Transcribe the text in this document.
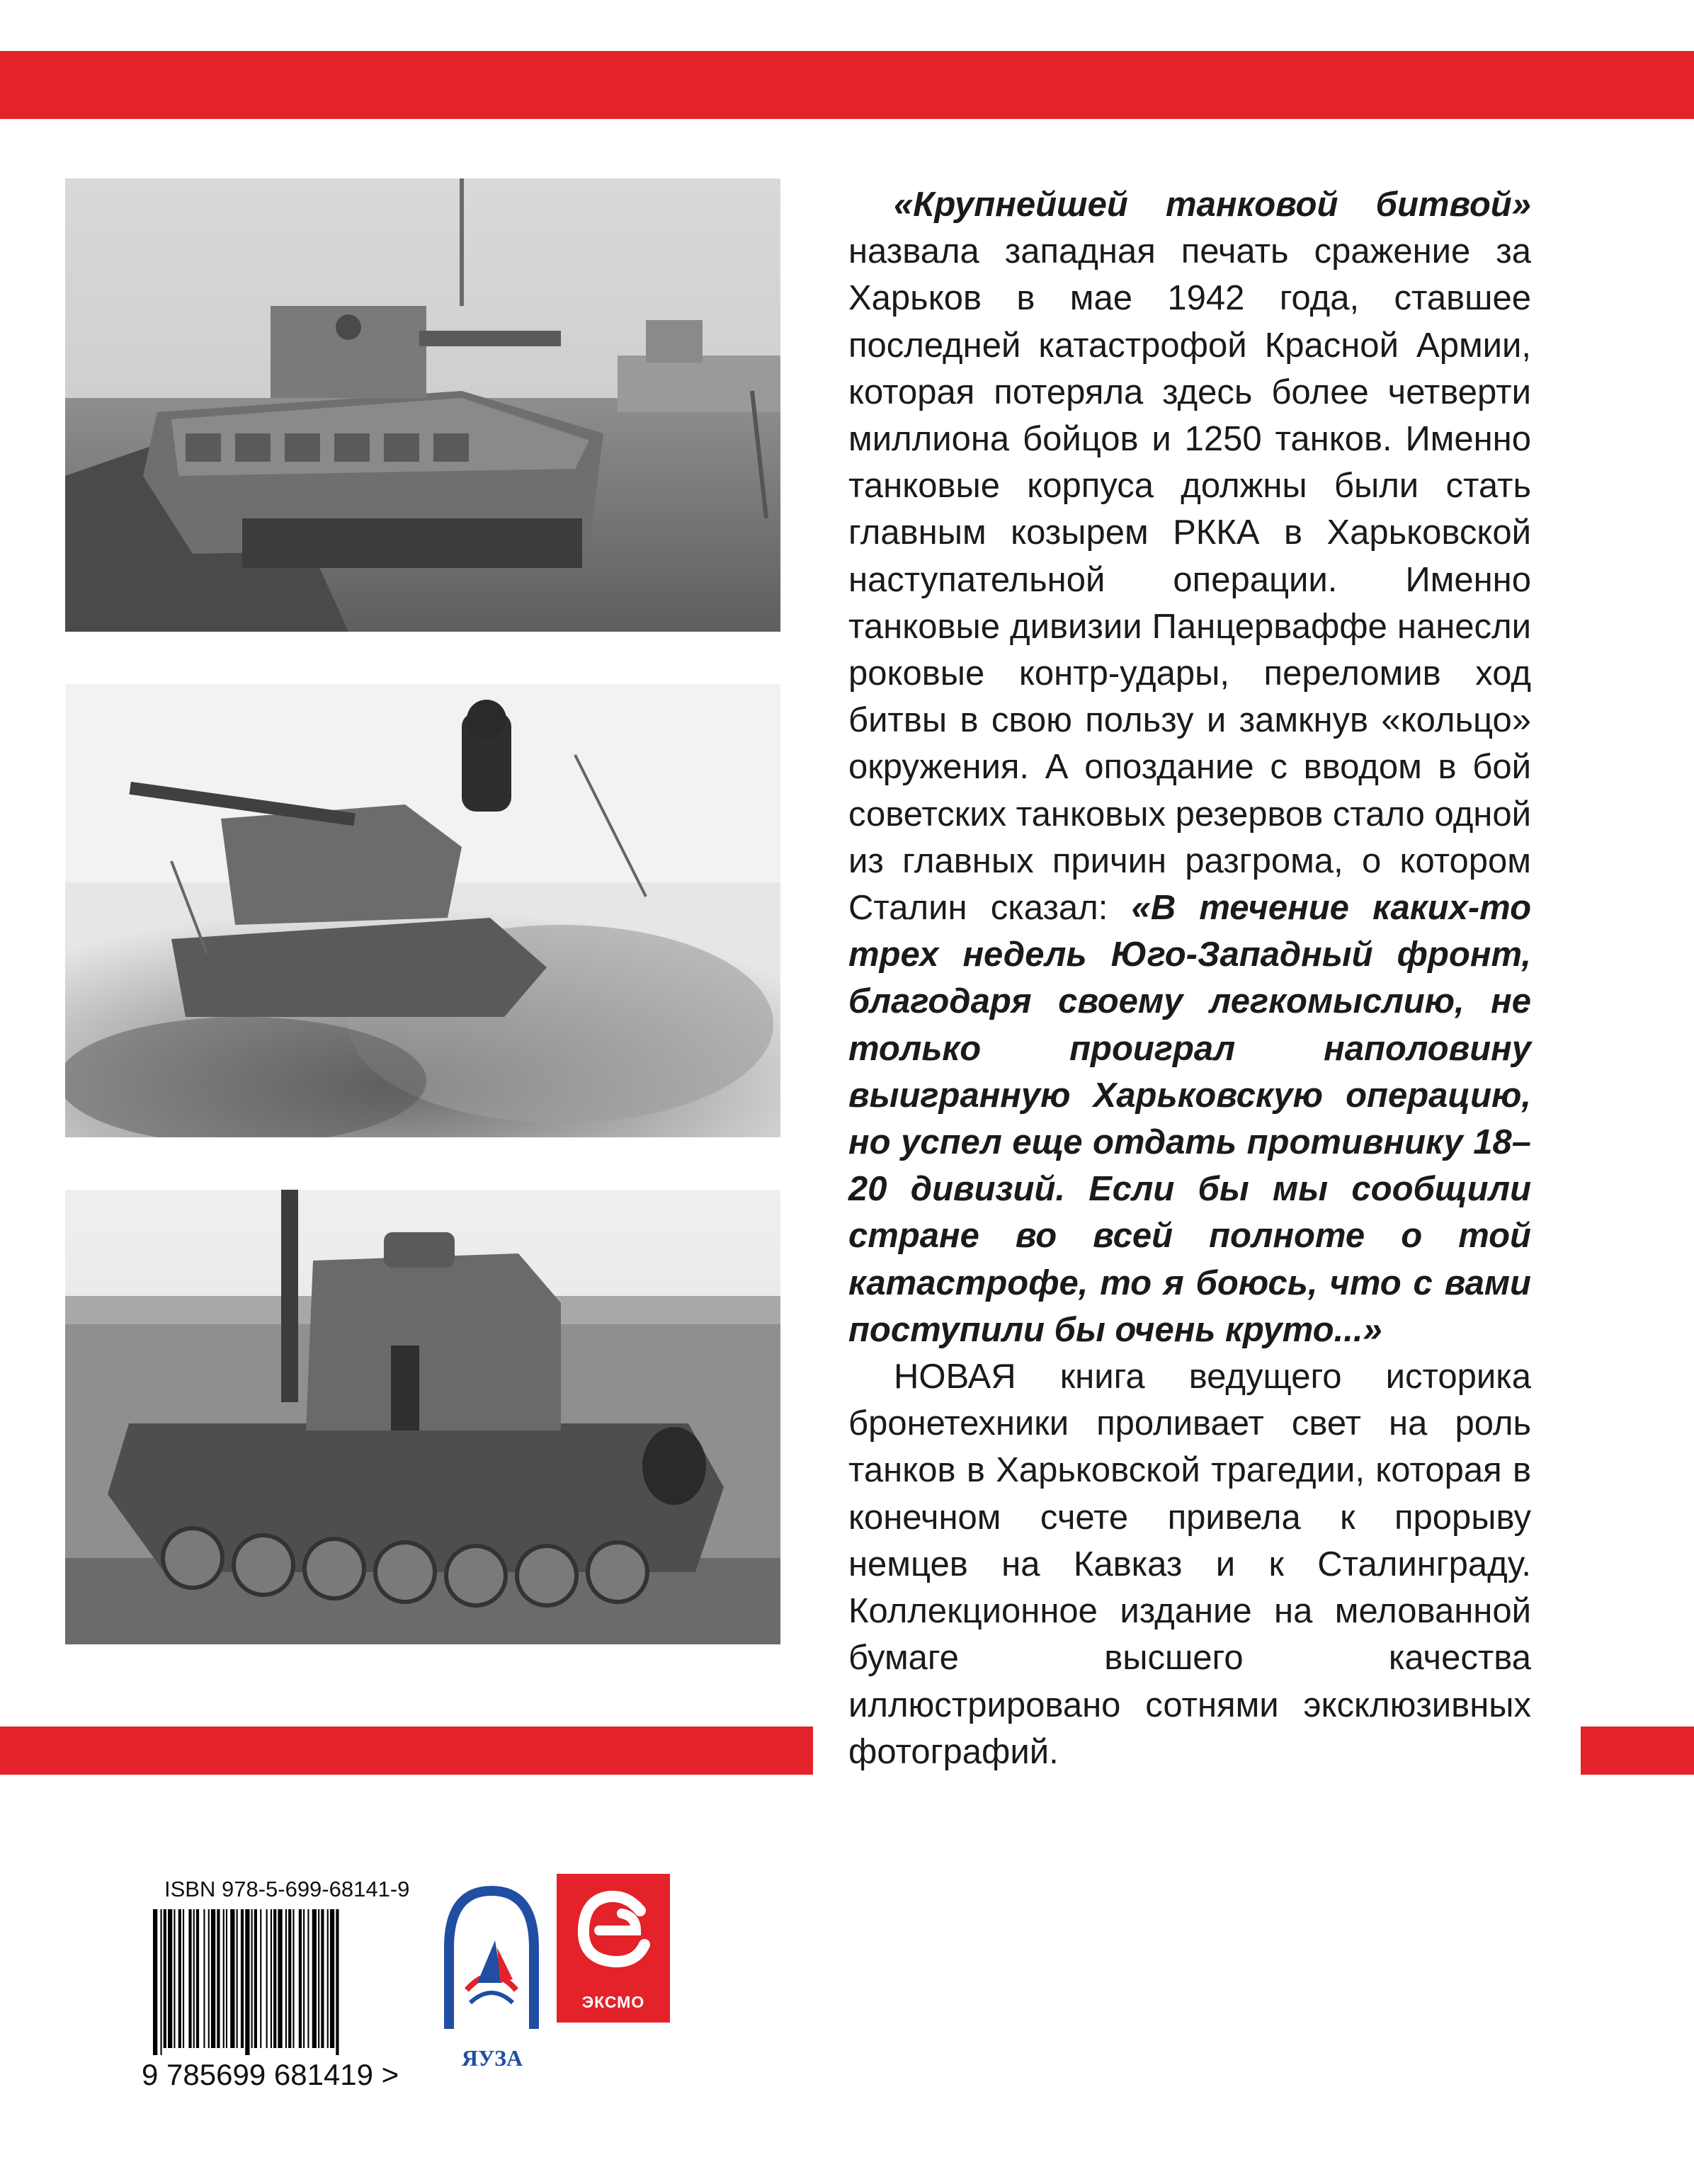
«Крупнейшей танковой битвой» назвала западная печать сражение за Харьков в мае 1942 года, ставшее последней катастрофой Красной Армии, которая потеряла здесь более четверти миллиона бойцов и 1250 танков. Именно танковые корпуса должны были стать главным козырем РККА в Харьковской наступательной операции. Именно танковые дивизии Панцерваффе нанесли роковые контр-удары, переломив ход битвы в свою пользу и замкнув «кольцо» окружения. А опоздание с вводом в бой советских танковых резервов стало одной из главных причин разгрома, о котором Сталин сказал: «В течение каких-то трех недель Юго-Западный фронт, благодаря своему легкомыслию, не только проиграл наполовину выигранную Харьковскую операцию, но успел еще отдать противнику 18–20 дивизий. Если бы мы сообщили стране во всей полноте о той катастрофе, то я боюсь, что с вами поступили бы очень круто...»

НОВАЯ книга ведущего историка бронетехники проливает свет на роль танков в Харьковской трагедии, которая в конечном счете привела к прорыву немцев на Кавказ и к Сталинграду. Коллекционное издание на мелованной бумаге высшего качества иллюстрировано сотнями эксклюзивных фотографий.

ISBN 978-5-699-68141-9
9 785699 681419 >	ЯУЗА
ЭКСМО
